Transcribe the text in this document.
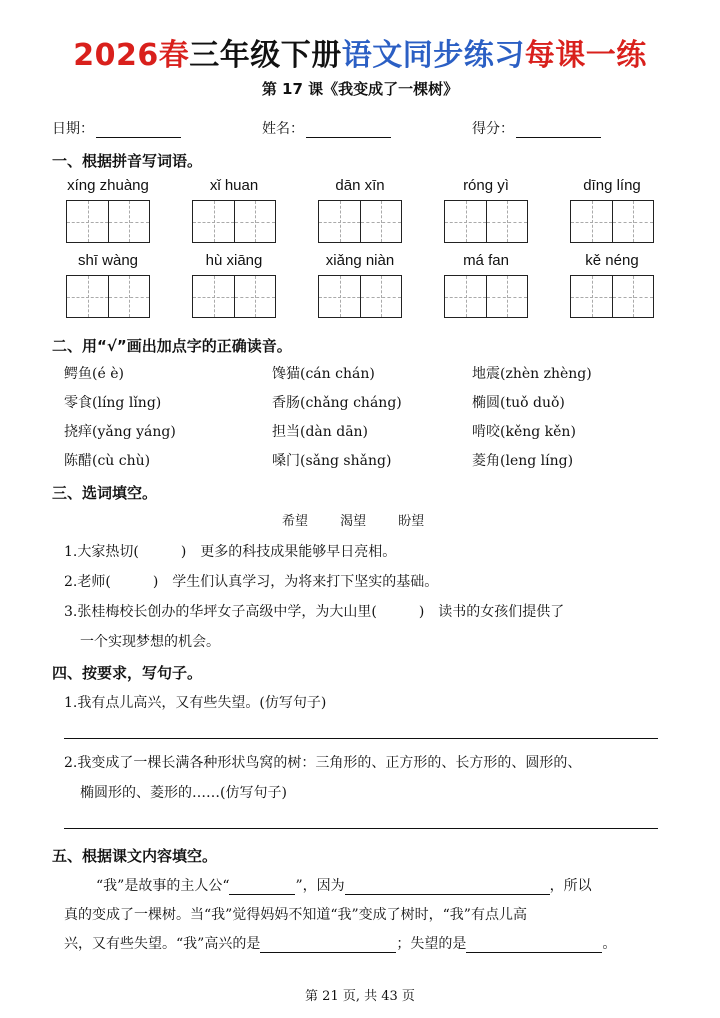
2026春三年级下册语文同步练习每课一练
第 17 课《我变成了一棵树》
日期：	姓名：	得分：
一、根据拼音写词语。
xíng zhuàng	xǐ huan	dān xīn	róng yì	dīng líng
shī wàng	hù xiāng	xiǎng niàn	má fan	kě néng
二、用“√”画出加点字的正确读音。
鳄鱼(é è)	馋猫(cán chán)	地震(zhèn zhèng)
零食(líng lǐng)	香肠(chǎng cháng)	椭圆(tuǒ duǒ)
挠痒(yǎng yáng)	担当(dàn dān)	啃咬(kěng kěn)
陈醋(cù chù)	嗓门(sǎng shǎng)	菱角(leng líng)
三、选词填空。
希望 渴望 盼望
1.大家热切(　　　)　更多的科技成果能够早日亮相。
2.老师(　　　)　学生们认真学习，为将来打下坚实的基础。
3.张桂梅校长创办的华坪女子高级中学，为大山里(　　　)　读书的女孩们提供了
一个实现梦想的机会。
四、按要求，写句子。
1.我有点儿高兴，又有些失望。(仿写句子)
2.我变成了一棵长满各种形状鸟窝的树：三角形的、正方形的、长方形的、圆形的、
椭圆形的、菱形的……(仿写句子)
五、根据课文内容填空。
“我”是故事的主人公“	”，因为	，所以
真的变成了一棵树。当“我”觉得妈妈不知道“我”变成了树时，“我”有点儿高
兴，又有些失望。“我”高兴的是	；失望的是	。
第 21 页, 共 43 页
